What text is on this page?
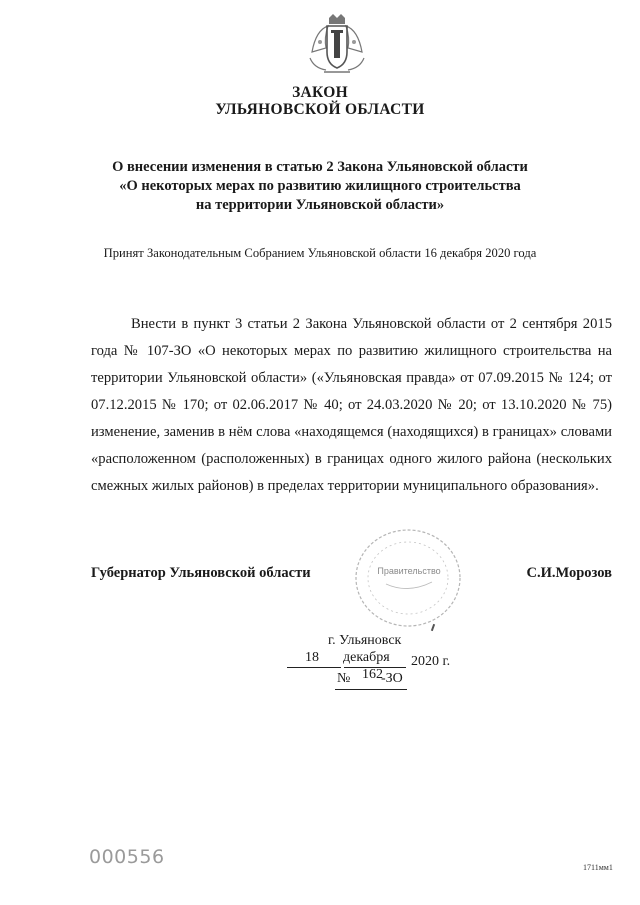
ЗАКОН
УЛЬЯНОВСКОЙ ОБЛАСТИ
О внесении изменения в статью 2 Закона Ульяновской области
«О некоторых мерах по развитию жилищного строительства
на территории Ульяновской области»
Принят Законодательным Собранием Ульяновской области 16 декабря 2020 года

Внести в пункт 3 статьи 2 Закона Ульяновской области от 2 сентября 2015 года № 107-ЗО «О некоторых мерах по развитию жилищного строительства на территории Ульяновской области» («Ульяновская правда» от 07.09.2015 № 124; от 07.12.2015 № 170; от 02.06.2017 № 40; от 24.03.2020 № 20; от 13.10.2020 № 75) изменение, заменив в нём слова «находящемся (находящихся) в границах» словами «расположенном (расположенных) в границах одного жилого района (нескольких смежных жилых районов) в пределах территории муниципального образования».

Губернатор Ульяновской области	Правительство	С.И.Морозов
г. Ульяновск
18 декабря 2020 г.
№ 162
-ЗО
000556	1711мм1
